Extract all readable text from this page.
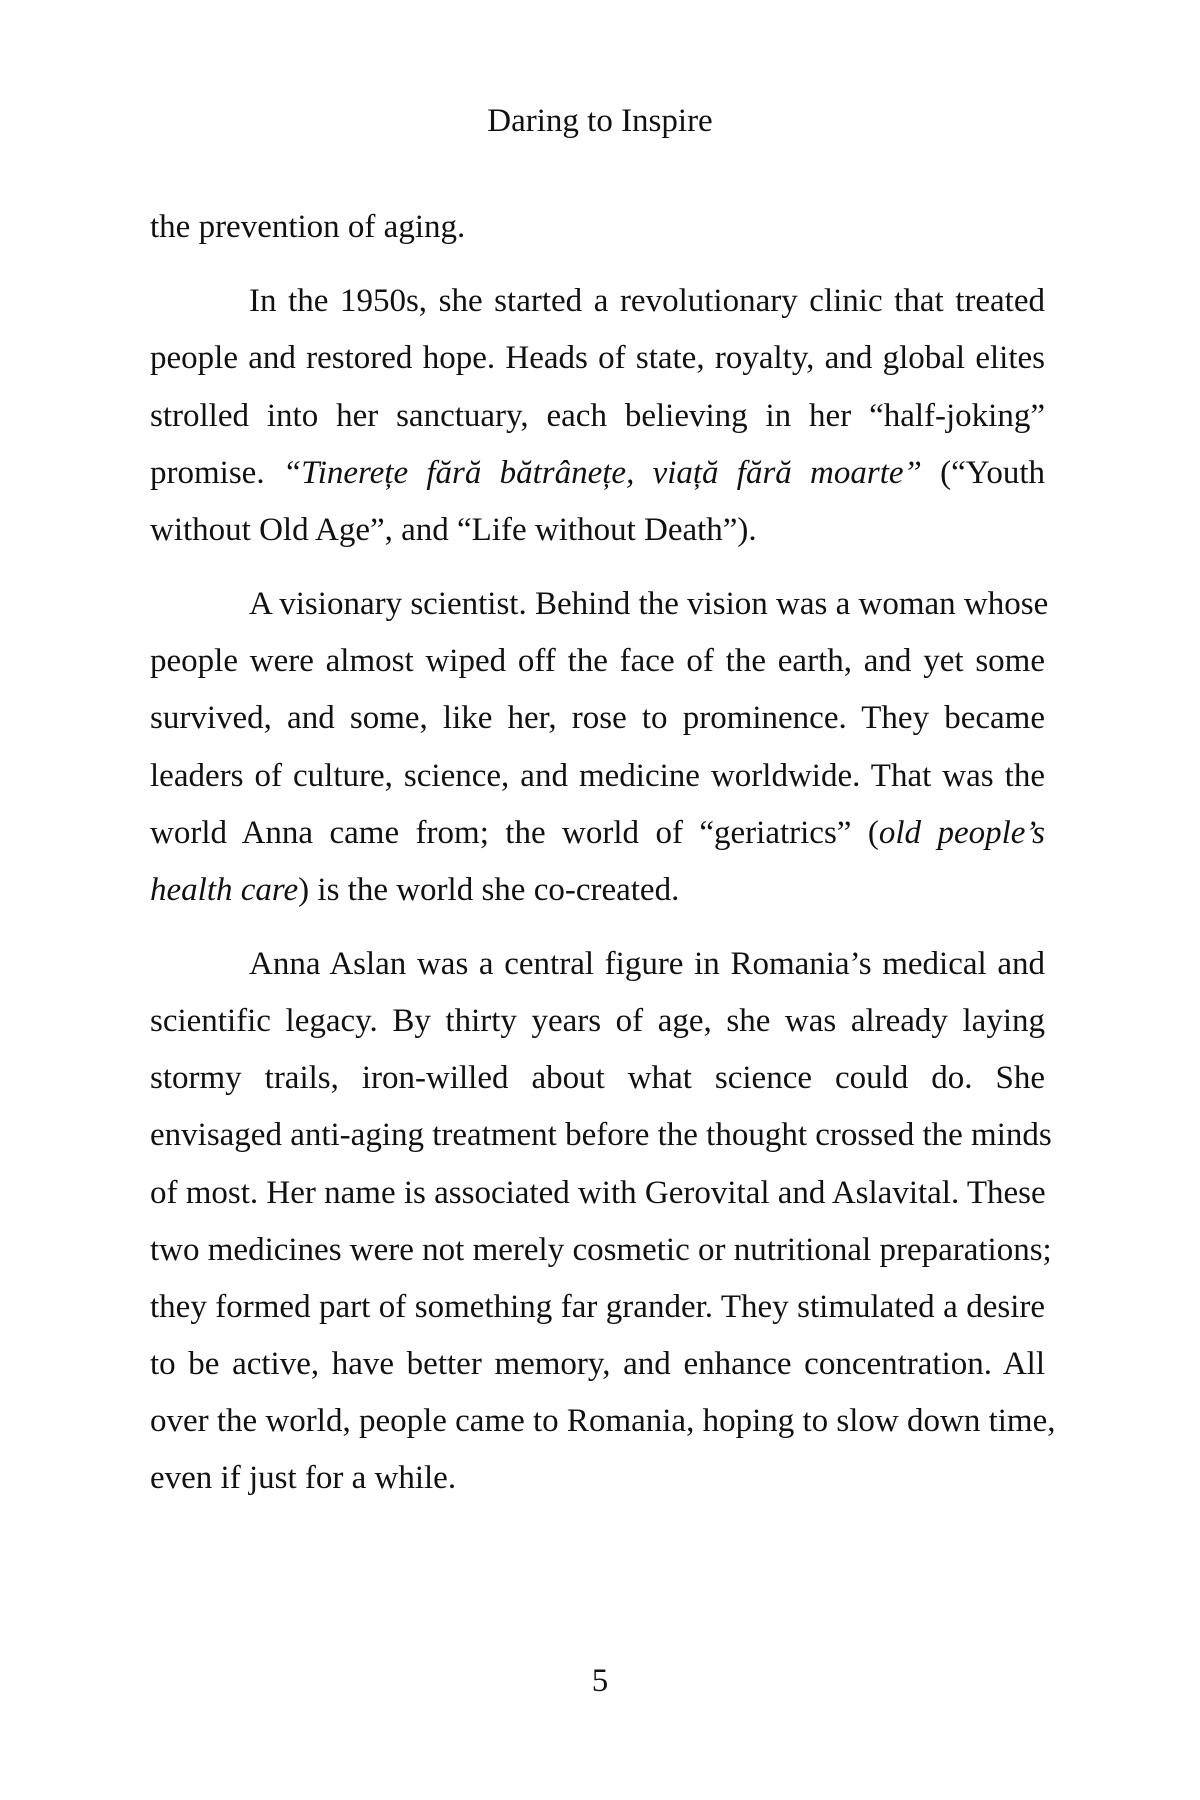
Daring to Inspire

the prevention of aging.

In the 1950s, she started a revolutionary clinic that treated
people and restored hope. Heads of state, royalty, and global elites
strolled into her sanctuary, each believing in her “half-joking”
promise. “Tinerețe fără bătrânețe, viață fără moarte” (“Youth
without Old Age”, and “Life without Death”).

A visionary scientist. Behind the vision was a woman whose
people were almost wiped off the face of the earth, and yet some
survived, and some, like her, rose to prominence. They became
leaders of culture, science, and medicine worldwide. That was the
world Anna came from; the world of “geriatrics” (old people’s
health care) is the world she co-created.

Anna Aslan was a central figure in Romania’s medical and
scientific legacy. By thirty years of age, she was already laying
stormy trails, iron-willed about what science could do. She
envisaged anti-aging treatment before the thought crossed the minds
of most. Her name is associated with Gerovital and Aslavital. These
two medicines were not merely cosmetic or nutritional preparations;
they formed part of something far grander. They stimulated a desire
to be active, have better memory, and enhance concentration. All
over the world, people came to Romania, hoping to slow down time,
even if just for a while.

5
